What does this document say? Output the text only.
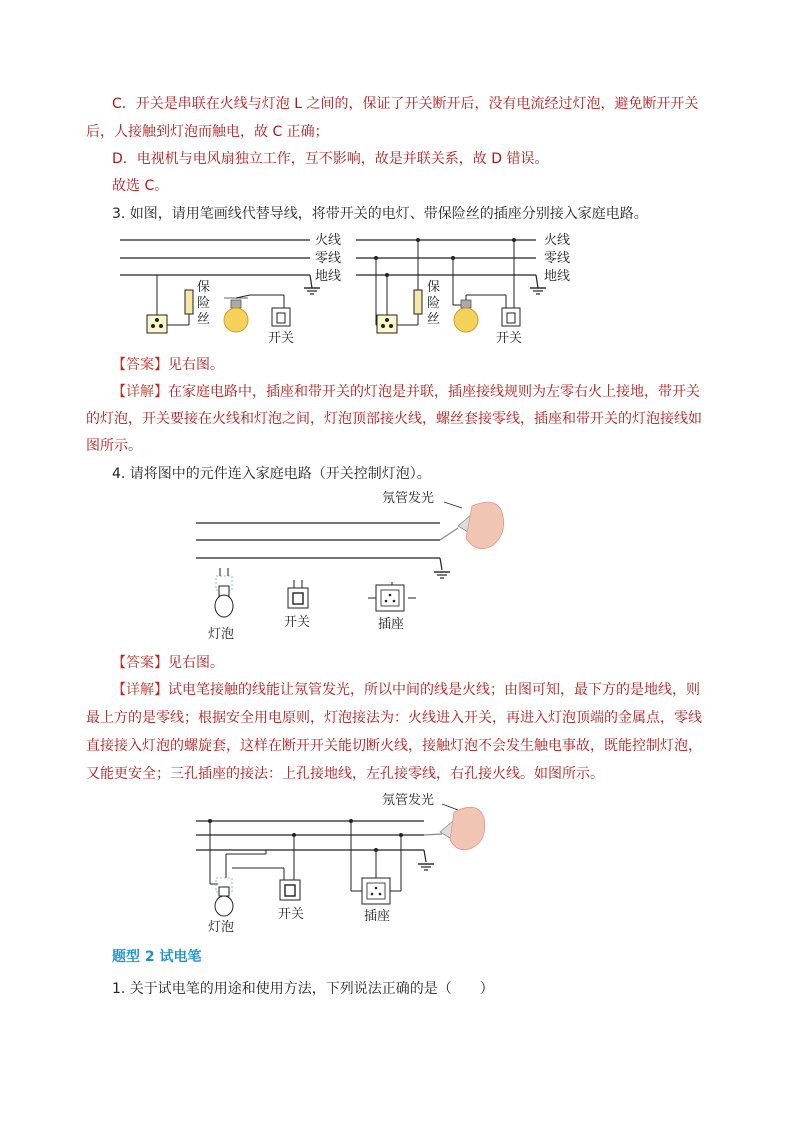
C．开关是串联在火线与灯泡 L 之间的，保证了开关断开后，没有电流经过灯泡，避免断开开关
后，人接触到灯泡而触电，故 C 正确；
D．电视机与电风扇独立工作，互不影响，故是并联关系，故 D 错误。
故选 C。
3. 如图，请用笔画线代替导线，将带开关的电灯、带保险丝的插座分别接入家庭电路。
火线
零线
地线
保
险
丝
开关
火线
零线
地线
保
险
丝
开关
【答案】见右图。
【详解】在家庭电路中，插座和带开关的灯泡是并联，插座接线规则为左零右火上接地，带开关
的灯泡，开关要接在火线和灯泡之间，灯泡顶部接火线，螺丝套接零线，插座和带开关的灯泡接线如
图所示。
4. 请将图中的元件连入家庭电路（开关控制灯泡）。
氖管发光
灯泡
开关	插座
【答案】见右图。
【详解】试电笔接触的线能让氖管发光，所以中间的线是火线；由图可知，最下方的是地线，则
最上方的是零线；根据安全用电原则，灯泡接法为：火线进入开关，再进入灯泡顶端的金属点，零线
直接接入灯泡的螺旋套，这样在断开开关能切断火线，接触灯泡不会发生触电事故，既能控制灯泡，
又能更安全；三孔插座的接法：上孔接地线，左孔接零线，右孔接火线。如图所示。
氖管发光
灯泡
开关	插座
题型 2 试电笔
1. 关于试电笔的用途和使用方法，下列说法正确的是（　　）
